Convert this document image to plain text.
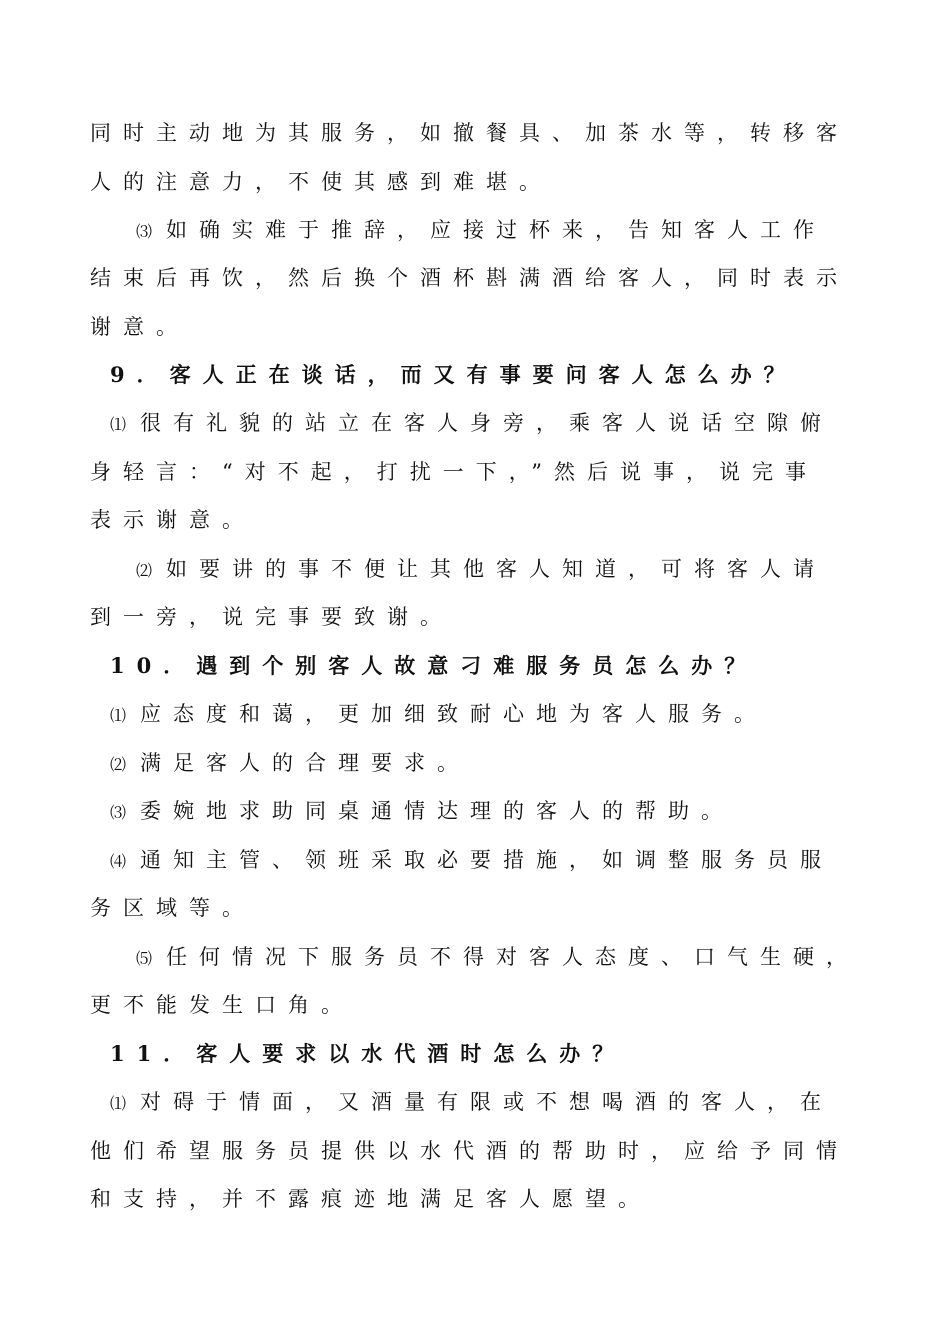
同时主动地为其服务，如撤餐具、加茶水等，转移客
人的注意力，不使其感到难堪。
⑶ 如确实难于推辞，应接过杯来，告知客人工作
结束后再饮，然后换个酒杯斟满酒给客人，同时表示
谢意。
9．客人正在谈话，而又有事要问客人怎么办？
⑴ 很有礼貌的站立在客人身旁，乘客人说话空隙俯
身轻言：“对不起，打扰一下，”然后说事，说完事
表示谢意。
⑵ 如要讲的事不便让其他客人知道，可将客人请
到一旁，说完事要致谢。
10．遇到个别客人故意刁难服务员怎么办？
⑴ 应态度和蔼，更加细致耐心地为客人服务。
⑵ 满足客人的合理要求。
⑶ 委婉地求助同桌通情达理的客人的帮助。
⑷ 通知主管、领班采取必要措施，如调整服务员服
务区域等。
⑸ 任何情况下服务员不得对客人态度、口气生硬，
更不能发生口角。
11．客人要求以水代酒时怎么办？
⑴ 对碍于情面，又酒量有限或不想喝酒的客人，在
他们希望服务员提供以水代酒的帮助时，应给予同情
和支持，并不露痕迹地满足客人愿望。
